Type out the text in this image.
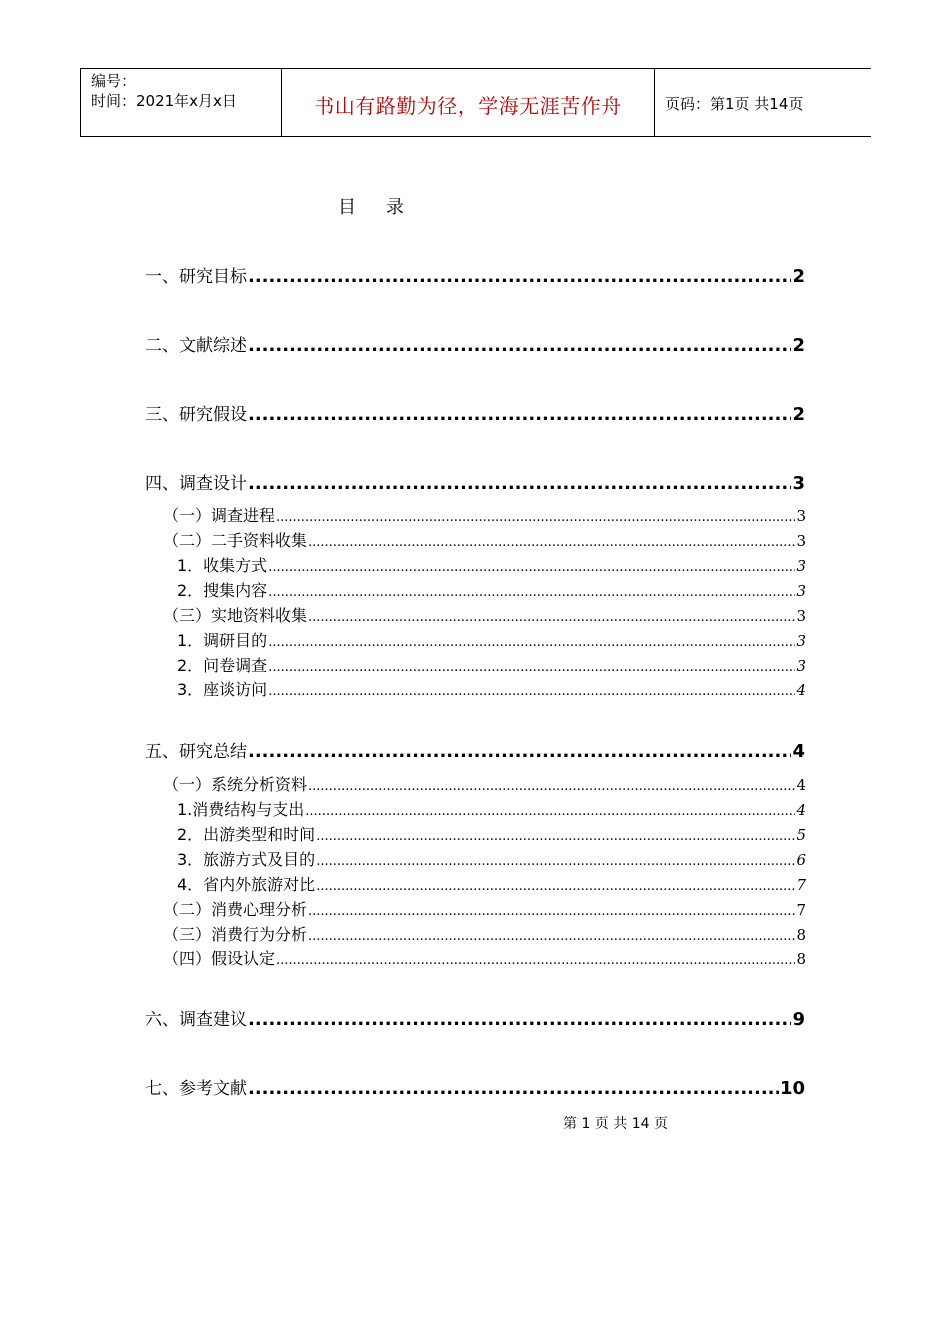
编号：
时间：2021年x月x日	书山有路勤为径，学海无涯苦作舟	页码：第1页 共14页
目录
一、研究目标 .....	2
二、文献综述 .....	2
三、研究假设 .....	2
四、调查设计 .....	3
（一）调查进程 .....	3
（二）二手资料收集 .....	3
1．收集方式 .....	3
2．搜集内容 .....	3
（三）实地资料收集 .....	3
1．调研目的 .....	3
2．问卷调查 .....	3
3．座谈访问 .....	4
五、研究总结 .....	4
（一）系统分析资料 .....	4
1.消费结构与支出 .....	4
2．出游类型和时间 .....	5
3．旅游方式及目的 .....	6
4．省内外旅游对比 .....	7
（二）消费心理分析 .....	7
（三）消费行为分析 .....	8
（四）假设认定 .....	8
六、调查建议 .....	9
七、参考文献 .....	10
第 1 页 共 14 页
